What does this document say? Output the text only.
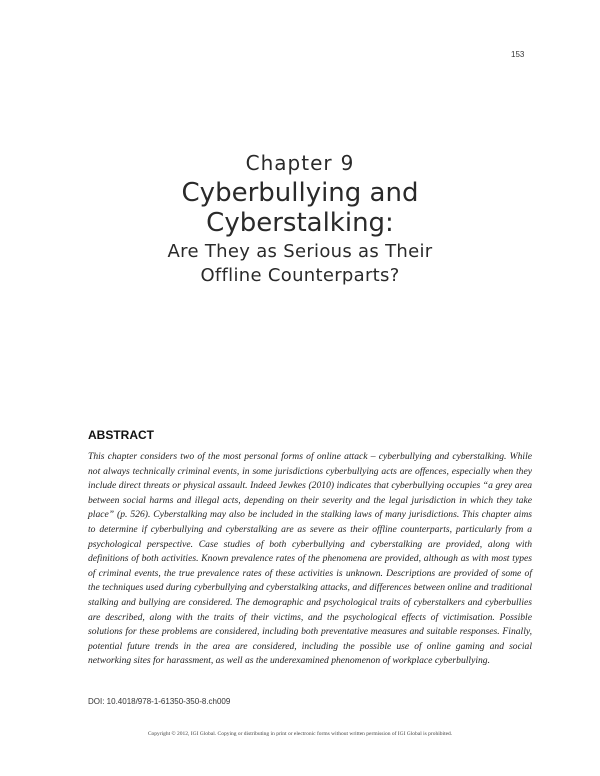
153
Chapter 9
Cyberbullying and
Cyberstalking:
Are They as Serious as Their
Offline Counterparts?
ABSTRACT

This chapter considers two of the most personal forms of online attack – cyberbullying and cyberstalking. While not always technically criminal events, in some jurisdictions cyberbullying acts are offences, especially when they include direct threats or physical assault. Indeed Jewkes (2010) indicates that cyberbullying occupies “a grey area between social harms and illegal acts, depending on their severity and the legal jurisdiction in which they take place” (p. 526). Cyberstalking may also be included in the stalking laws of many jurisdictions. This chapter aims to determine if cyberbullying and cyberstalking are as severe as their offline counterparts, particularly from a psychological perspective. Case studies of both cyberbullying and cyberstalking are provided, along with definitions of both activities. Known prevalence rates of the phenomena are provided, although as with most types of criminal events, the true prevalence rates of these activities is unknown. Descriptions are provided of some of the techniques used during cyberbullying and cyberstalking attacks, and differences between online and traditional stalking and bullying are considered. The demographic and psychological traits of cyberstalkers and cyberbullies are described, along with the traits of their victims, and the psychological effects of victimisation. Possible solutions for these problems are considered, including both preventative measures and suitable responses. Finally, potential future trends in the area are considered, including the possible use of online gaming and social networking sites for harassment, as well as the underexamined phenomenon of workplace cyberbullying.

DOI: 10.4018/978-1-61350-350-8.ch009
Copyright © 2012, IGI Global. Copying or distributing in print or electronic forms without written permission of IGI Global is prohibited.
